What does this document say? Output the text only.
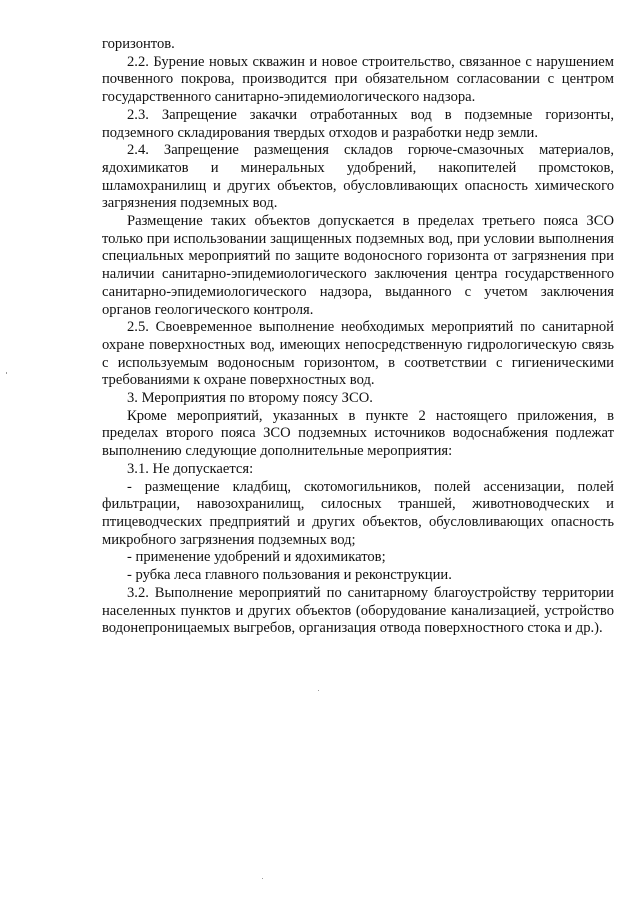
горизонтов.

2.2. Бурение новых скважин и новое строительство, связанное с нарушением почвенного покрова, производится при обязательном согласовании с центром государственного санитарно-эпидемиологического надзора.

2.3. Запрещение закачки отработанных вод в подземные горизонты, подземного складирования твердых отходов и разработки недр земли.

2.4. Запрещение размещения складов горюче-смазочных материалов, ядохимикатов и минеральных удобрений, накопителей промстоков, шламохранилищ и других объектов, обусловливающих опасность химического загрязнения подземных вод.

Размещение таких объектов допускается в пределах третьего пояса ЗСО только при использовании защищенных подземных вод, при условии выполнения специальных мероприятий по защите водоносного горизонта от загрязнения при наличии санитарно-эпидемиологического заключения центра государственного санитарно-эпидемиологического надзора, выданного с учетом заключения органов геологического контроля.

2.5. Своевременное выполнение необходимых мероприятий по санитарной охране поверхностных вод, имеющих непосредственную гидрологическую связь с используемым водоносным горизонтом, в соответствии с гигиеническими требованиями к охране поверхностных вод.

3. Мероприятия по второму поясу ЗСО.

Кроме мероприятий, указанных в пункте 2 настоящего приложения, в пределах второго пояса ЗСО подземных источников водоснабжения подлежат выполнению следующие дополнительные мероприятия:

3.1. Не допускается:

- размещение кладбищ, скотомогильников, полей ассенизации, полей фильтрации, навозохранилищ, силосных траншей, животноводческих и птицеводческих предприятий и других объектов, обусловливающих опасность микробного загрязнения подземных вод;

- применение удобрений и ядохимикатов;

- рубка леса главного пользования и реконструкции.

3.2. Выполнение мероприятий по санитарному благоустройству территории населенных пунктов и других объектов (оборудование канализацией, устройство водонепроницаемых выгребов, организация отвода поверхностного стока и др.).
